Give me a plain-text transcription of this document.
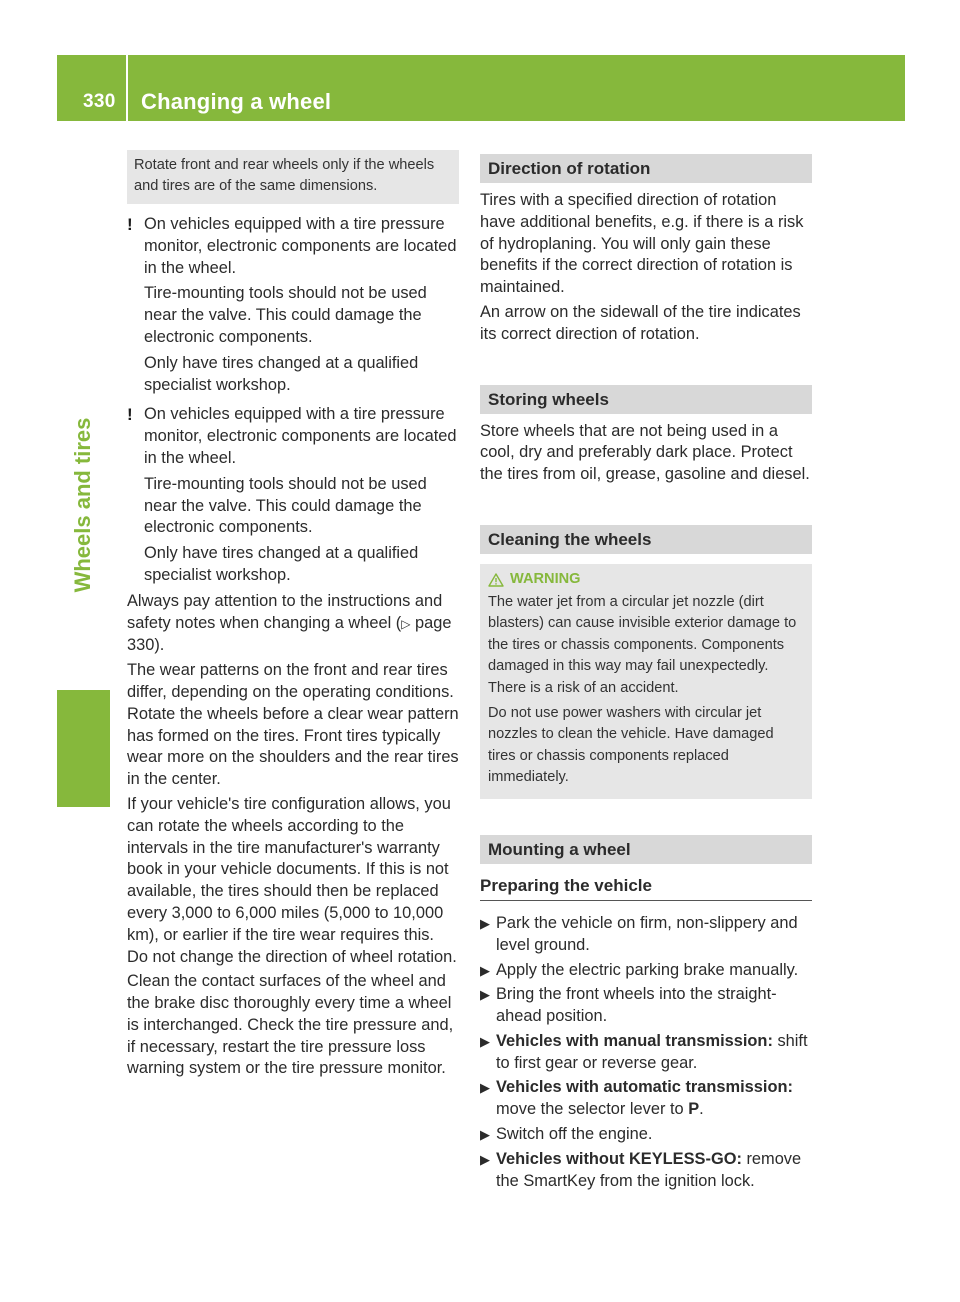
330 Changing a wheel
Wheels and tires
Rotate front and rear wheels only if the wheels and tires are of the same dimensions.
! On vehicles equipped with a tire pressure monitor, electronic components are located in the wheel.

Tire-mounting tools should not be used near the valve. This could damage the electronic components.

Only have tires changed at a qualified specialist workshop.

! On vehicles equipped with a tire pressure monitor, electronic components are located in the wheel.

Tire-mounting tools should not be used near the valve. This could damage the electronic components.

Only have tires changed at a qualified specialist workshop.

Always pay attention to the instructions and safety notes when changing a wheel (▷ page 330).

The wear patterns on the front and rear tires differ, depending on the operating conditions. Rotate the wheels before a clear wear pattern has formed on the tires. Front tires typically wear more on the shoulders and the rear tires in the center.

If your vehicle's tire configuration allows, you can rotate the wheels according to the intervals in the tire manufacturer's warranty book in your vehicle documents. If this is not available, the tires should then be replaced every 3,000 to 6,000 miles (5,000 to 10,000 km), or earlier if the tire wear requires this. Do not change the direction of wheel rotation.

Clean the contact surfaces of the wheel and the brake disc thoroughly every time a wheel is interchanged. Check the tire pressure and, if necessary, restart the tire pressure loss warning system or the tire pressure monitor.

Direction of rotation

Tires with a specified direction of rotation have additional benefits, e.g. if there is a risk of hydroplaning. You will only gain these benefits if the correct direction of rotation is maintained.

An arrow on the sidewall of the tire indicates its correct direction of rotation.

Storing wheels

Store wheels that are not being used in a cool, dry and preferably dark place. Protect the tires from oil, grease, gasoline and diesel.

Cleaning the wheels
WARNING

The water jet from a circular jet nozzle (dirt blasters) can cause invisible exterior damage to the tires or chassis components. Components damaged in this way may fail unexpectedly. There is a risk of an accident.

Do not use power washers with circular jet nozzles to clean the vehicle. Have damaged tires or chassis components replaced immediately.

Mounting a wheel
Preparing the vehicle
▶ Park the vehicle on firm, non-slippery and level ground.
▶ Apply the electric parking brake manually.
▶ Bring the front wheels into the straight-ahead position.
▶ Vehicles with manual transmission: shift to first gear or reverse gear.
▶ Vehicles with automatic transmission: move the selector lever to P.
▶ Switch off the engine.
▶ Vehicles without KEYLESS-GO: remove the SmartKey from the ignition lock.
